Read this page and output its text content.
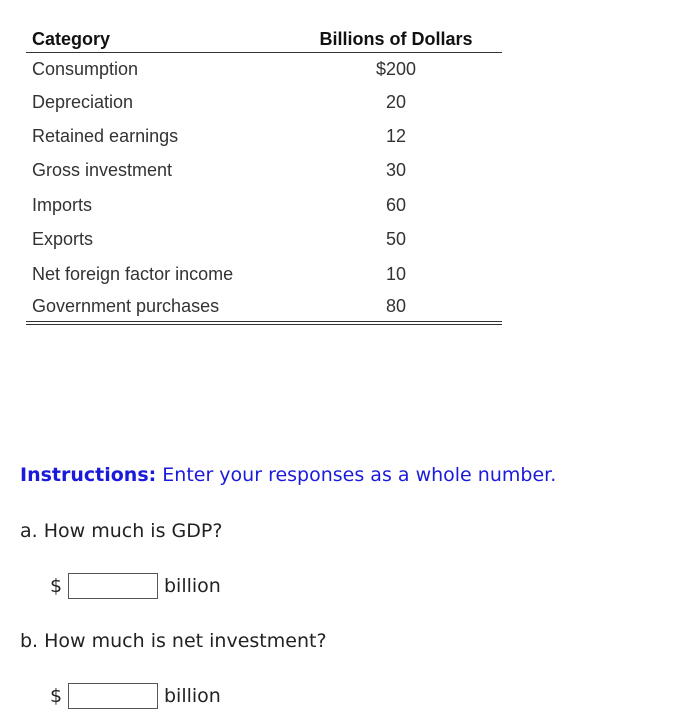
Category	Billions of Dollars
Consumption	$200
Depreciation	20
Retained earnings	12
Gross investment	30
Imports	60
Exports	50
Net foreign factor income	10
Government purchases	80
Instructions: Enter your responses as a whole number.
a. How much is GDP?
$	billion
b. How much is net investment?
$	billion
